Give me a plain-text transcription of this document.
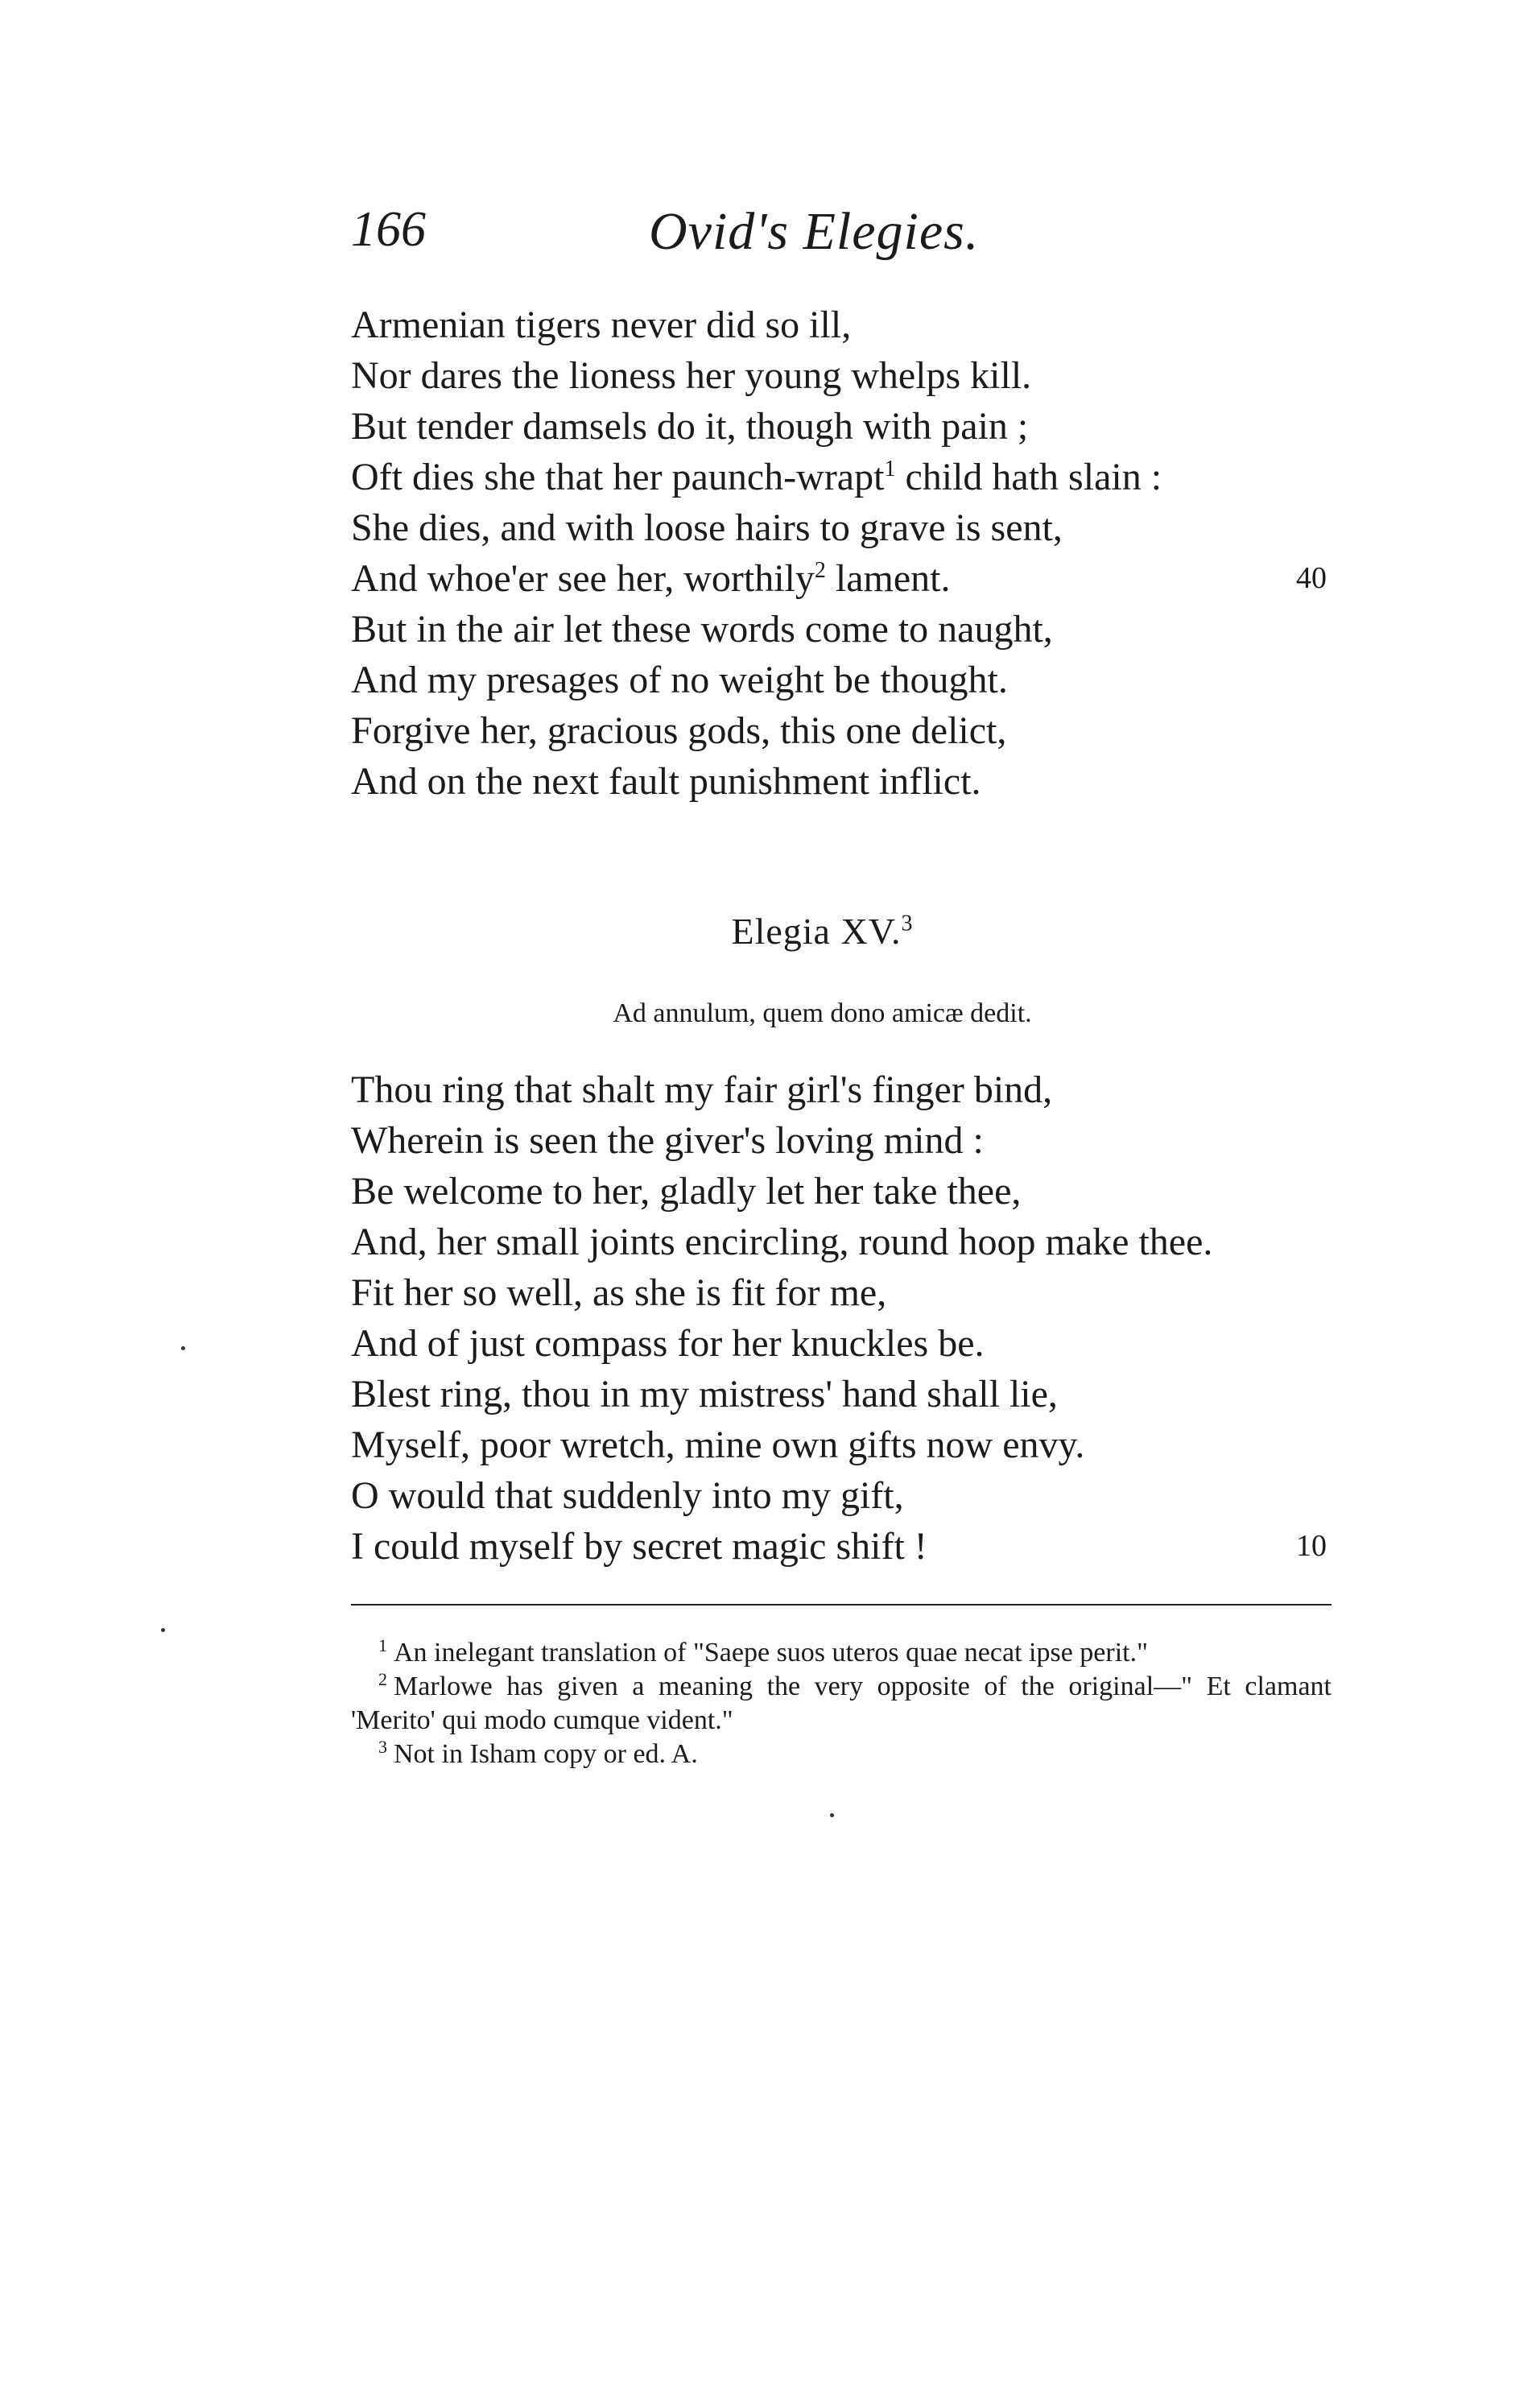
166	Ovid's Elegies.
Armenian tigers never did so ill,
Nor dares the lioness her young whelps kill.
But tender damsels do it, though with pain ;
Oft dies she that her paunch-wrapt$^1$ child hath slain :
She dies, and with loose hairs to grave is sent,
And whoe'er see her, worthily$^2$ lament.	40
But in the air let these words come to naught,
And my presages of no weight be thought.
Forgive her, gracious gods, this one delict,
And on the next fault punishment inflict.
Elegia XV.$^3$
Ad annulum, quem dono amicæ dedit.
Thou ring that shalt my fair girl's finger bind,
Wherein is seen the giver's loving mind :
Be welcome to her, gladly let her take thee,
And, her small joints encircling, round hoop make thee.
Fit her so well, as she is fit for me,
And of just compass for her knuckles be.
Blest ring, thou in my mistress' hand shall lie,
Myself, poor wretch, mine own gifts now envy.
O would that suddenly into my gift,
I could myself by secret magic shift !	10

$^1$ An inelegant translation of "Saepe suos uteros quae necat ipse perit."

$^2$ Marlowe has given a meaning the very opposite of the original—" Et clamant 'Merito' qui modo cumque vident."

$^3$ Not in Isham copy or ed. A.
